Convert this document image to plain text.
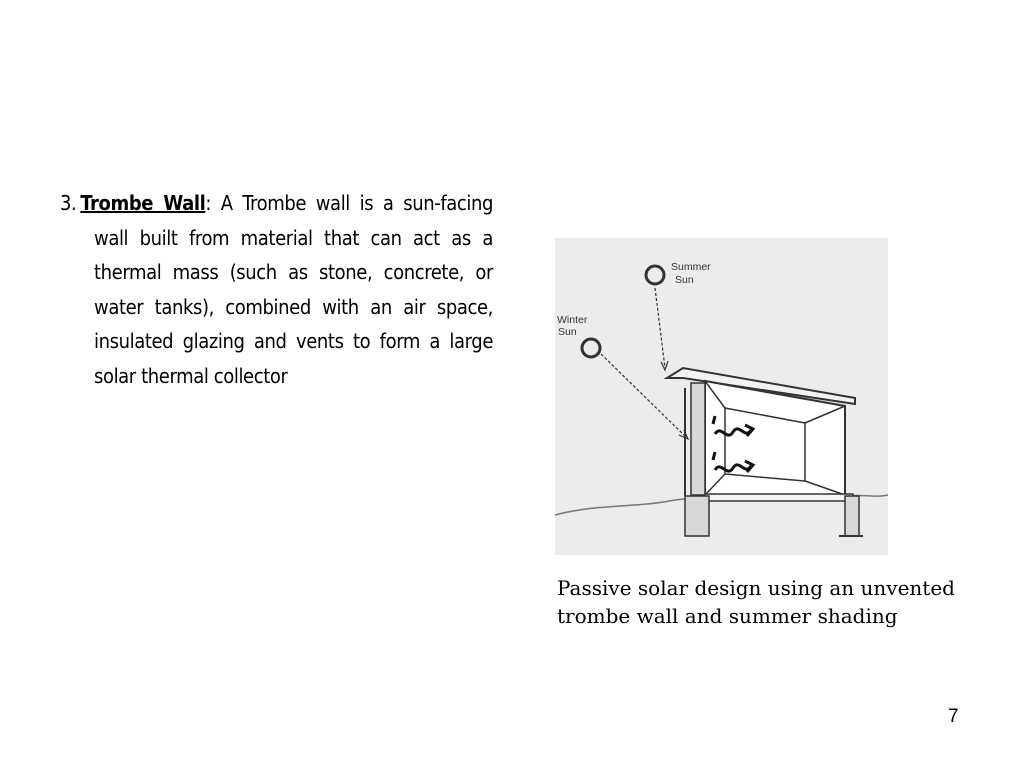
3. Trombe Wall: A Trombe wall is a sun-facing wall built from material that can act as a thermal mass (such as stone, concrete, or water tanks), combined with an air space, insulated glazing and vents to form a large solar thermal collector
Summer
Sun
Winter
Sun
Passive solar design using an unvented trombe wall and summer shading
7
